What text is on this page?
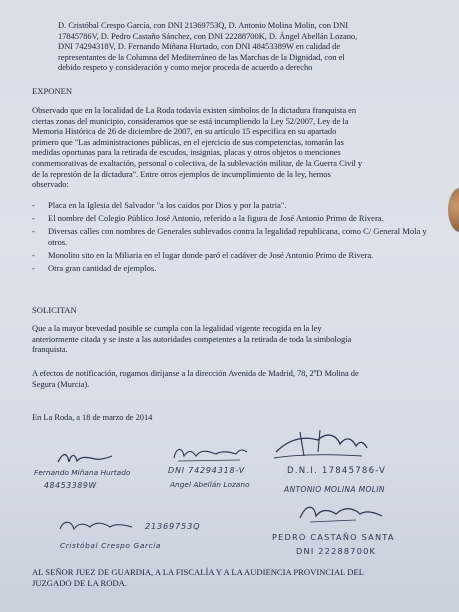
D. Cristóbal Crespo García, con DNI 21369753Q, D. Antonio Molina Molin, con DNI
17845786V, D. Pedro Castaño Sánchez, con DNI 22288700K, D. Ángel Abellán Lozano,
DNI 74294318V, D. Fernando Miñana Hurtado, con DNI 48453389W en calidad de
representantes de la Columna del Mediterráneo de las Marchas de la Dignidad, con el
debido respeto y consideración y como mejor proceda de acuerdo a derecho
EXPONEN
Observado que en la localidad de La Roda todavía existen símbolos de la dictadura franquista en
ciertas zonas del municipio, consideramos que se está incumpliendo la Ley 52/2007, Ley de la
Memoria Histórica de 26 de diciembre de 2007, en su artículo 15 especifica en su apartado
primero que "Las administraciones públicas, en el ejercicio de sus competencias, tomarán las
medidas oportunas para la retirada de escudos, insignias, placas y otros objetos o menciones
conmemorativas de exaltación, personal o colectiva, de la sublevación militar, de la Guerra Civil y
de la represión de la dictadura". Entre otros ejemplos de incumplimiento de la ley, hemos
observado:
- Placa en la Iglesia del Salvador "a los caídos por Dios y por la patria".
- El nombre del Colegio Público José Antonio, referido a la figura de José Antonio Primo de Rivera.
- Diversas calles con nombres de Generales sublevados contra la legalidad republicana, como C/ General Mola y otros.
- Monolito sito en la Miliaria en el lugar donde paró el cadáver de José Antonio Primo de Rivera.
- Otra gran cantidad de ejemplos.
SOLICITAN
Que a la mayor brevedad posible se cumpla con la legalidad vigente recogida en la ley
anteriormente citada y se inste a las autoridades competentes a la retirada de toda la simbología
franquista.
A efectos de notificación, rogamos diríjanse a la dirección Avenida de Madrid, 78, 2ºD Molina de
Segura (Murcia).
En La Roda, a 18 de marzo de 2014
Fernando Miñana Hurtado
48453389W
DNI 74294318-V
Angel Abellán Lozano
D.N.I. 17845786-V
ANTONIO MOLINA MOLIN
21369753Q
Cristóbal Crespo García
PEDRO CASTAÑO SANTA
DNI 22288700K
AL SEÑOR JUEZ DE GUARDIA, A LA FISCALÍA Y A LA AUDIENCIA PROVINCIAL DEL
JUZGADO DE LA RODA.
